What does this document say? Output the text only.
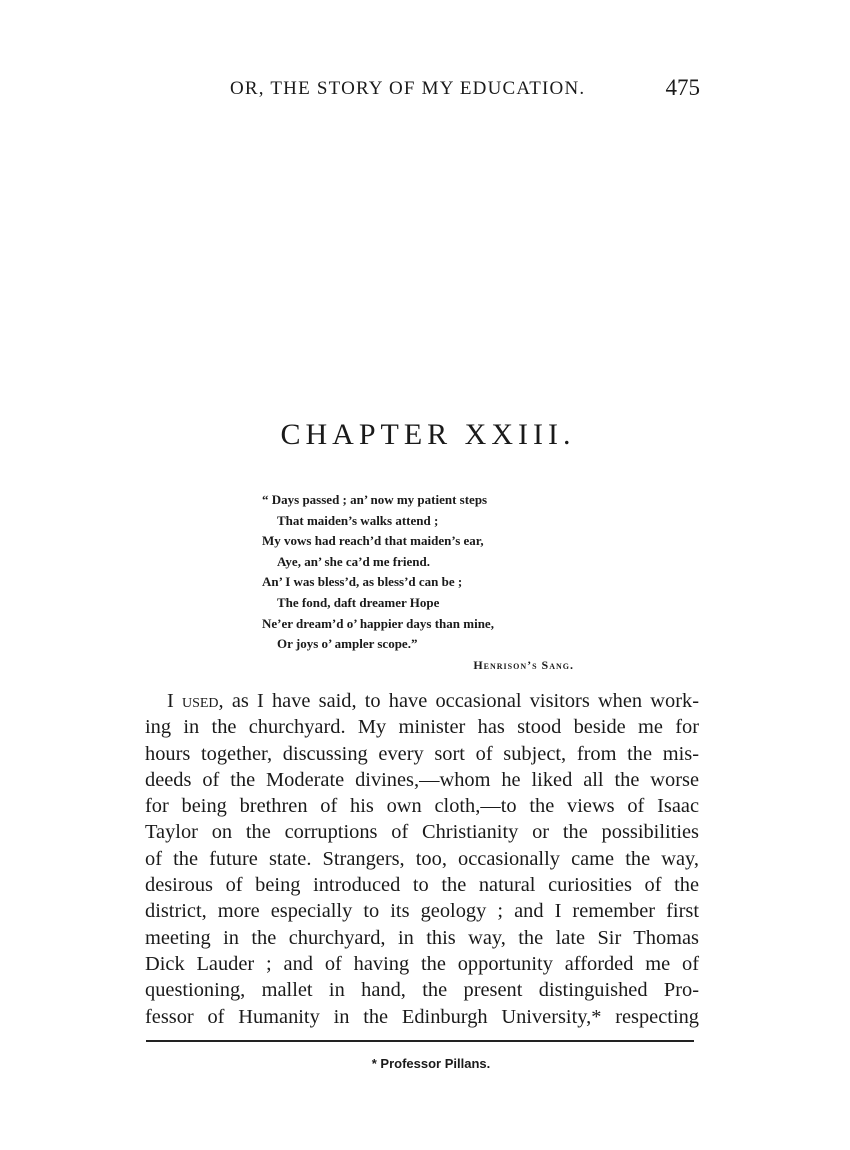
OR, THE STORY OF MY EDUCATION.	475
CHAPTER XXIII.
“ Days passed ; an’ now my patient steps
That maiden’s walks attend ;
My vows had reach’d that maiden’s ear,
Aye, an’ she ca’d me friend.
An’ I was bless’d, as bless’d can be ;
The fond, daft dreamer Hope
Ne’er dream’d o’ happier days than mine,
Or joys o’ ampler scope.”
Henrison’s Sang.
I used, as I have said, to have occasional visitors when work-
ing in the churchyard. My minister has stood beside me for
hours together, discussing every sort of subject, from the mis-
deeds of the Moderate divines,—whom he liked all the worse
for being brethren of his own cloth,—to the views of Isaac
Taylor on the corruptions of Christianity or the possibilities
of the future state. Strangers, too, occasionally came the way,
desirous of being introduced to the natural curiosities of the
district, more especially to its geology ; and I remember first
meeting in the churchyard, in this way, the late Sir Thomas
Dick Lauder ; and of having the opportunity afforded me of
questioning, mallet in hand, the present distinguished Pro-
fessor of Humanity in the Edinburgh University,* respecting
* Professor Pillans.
